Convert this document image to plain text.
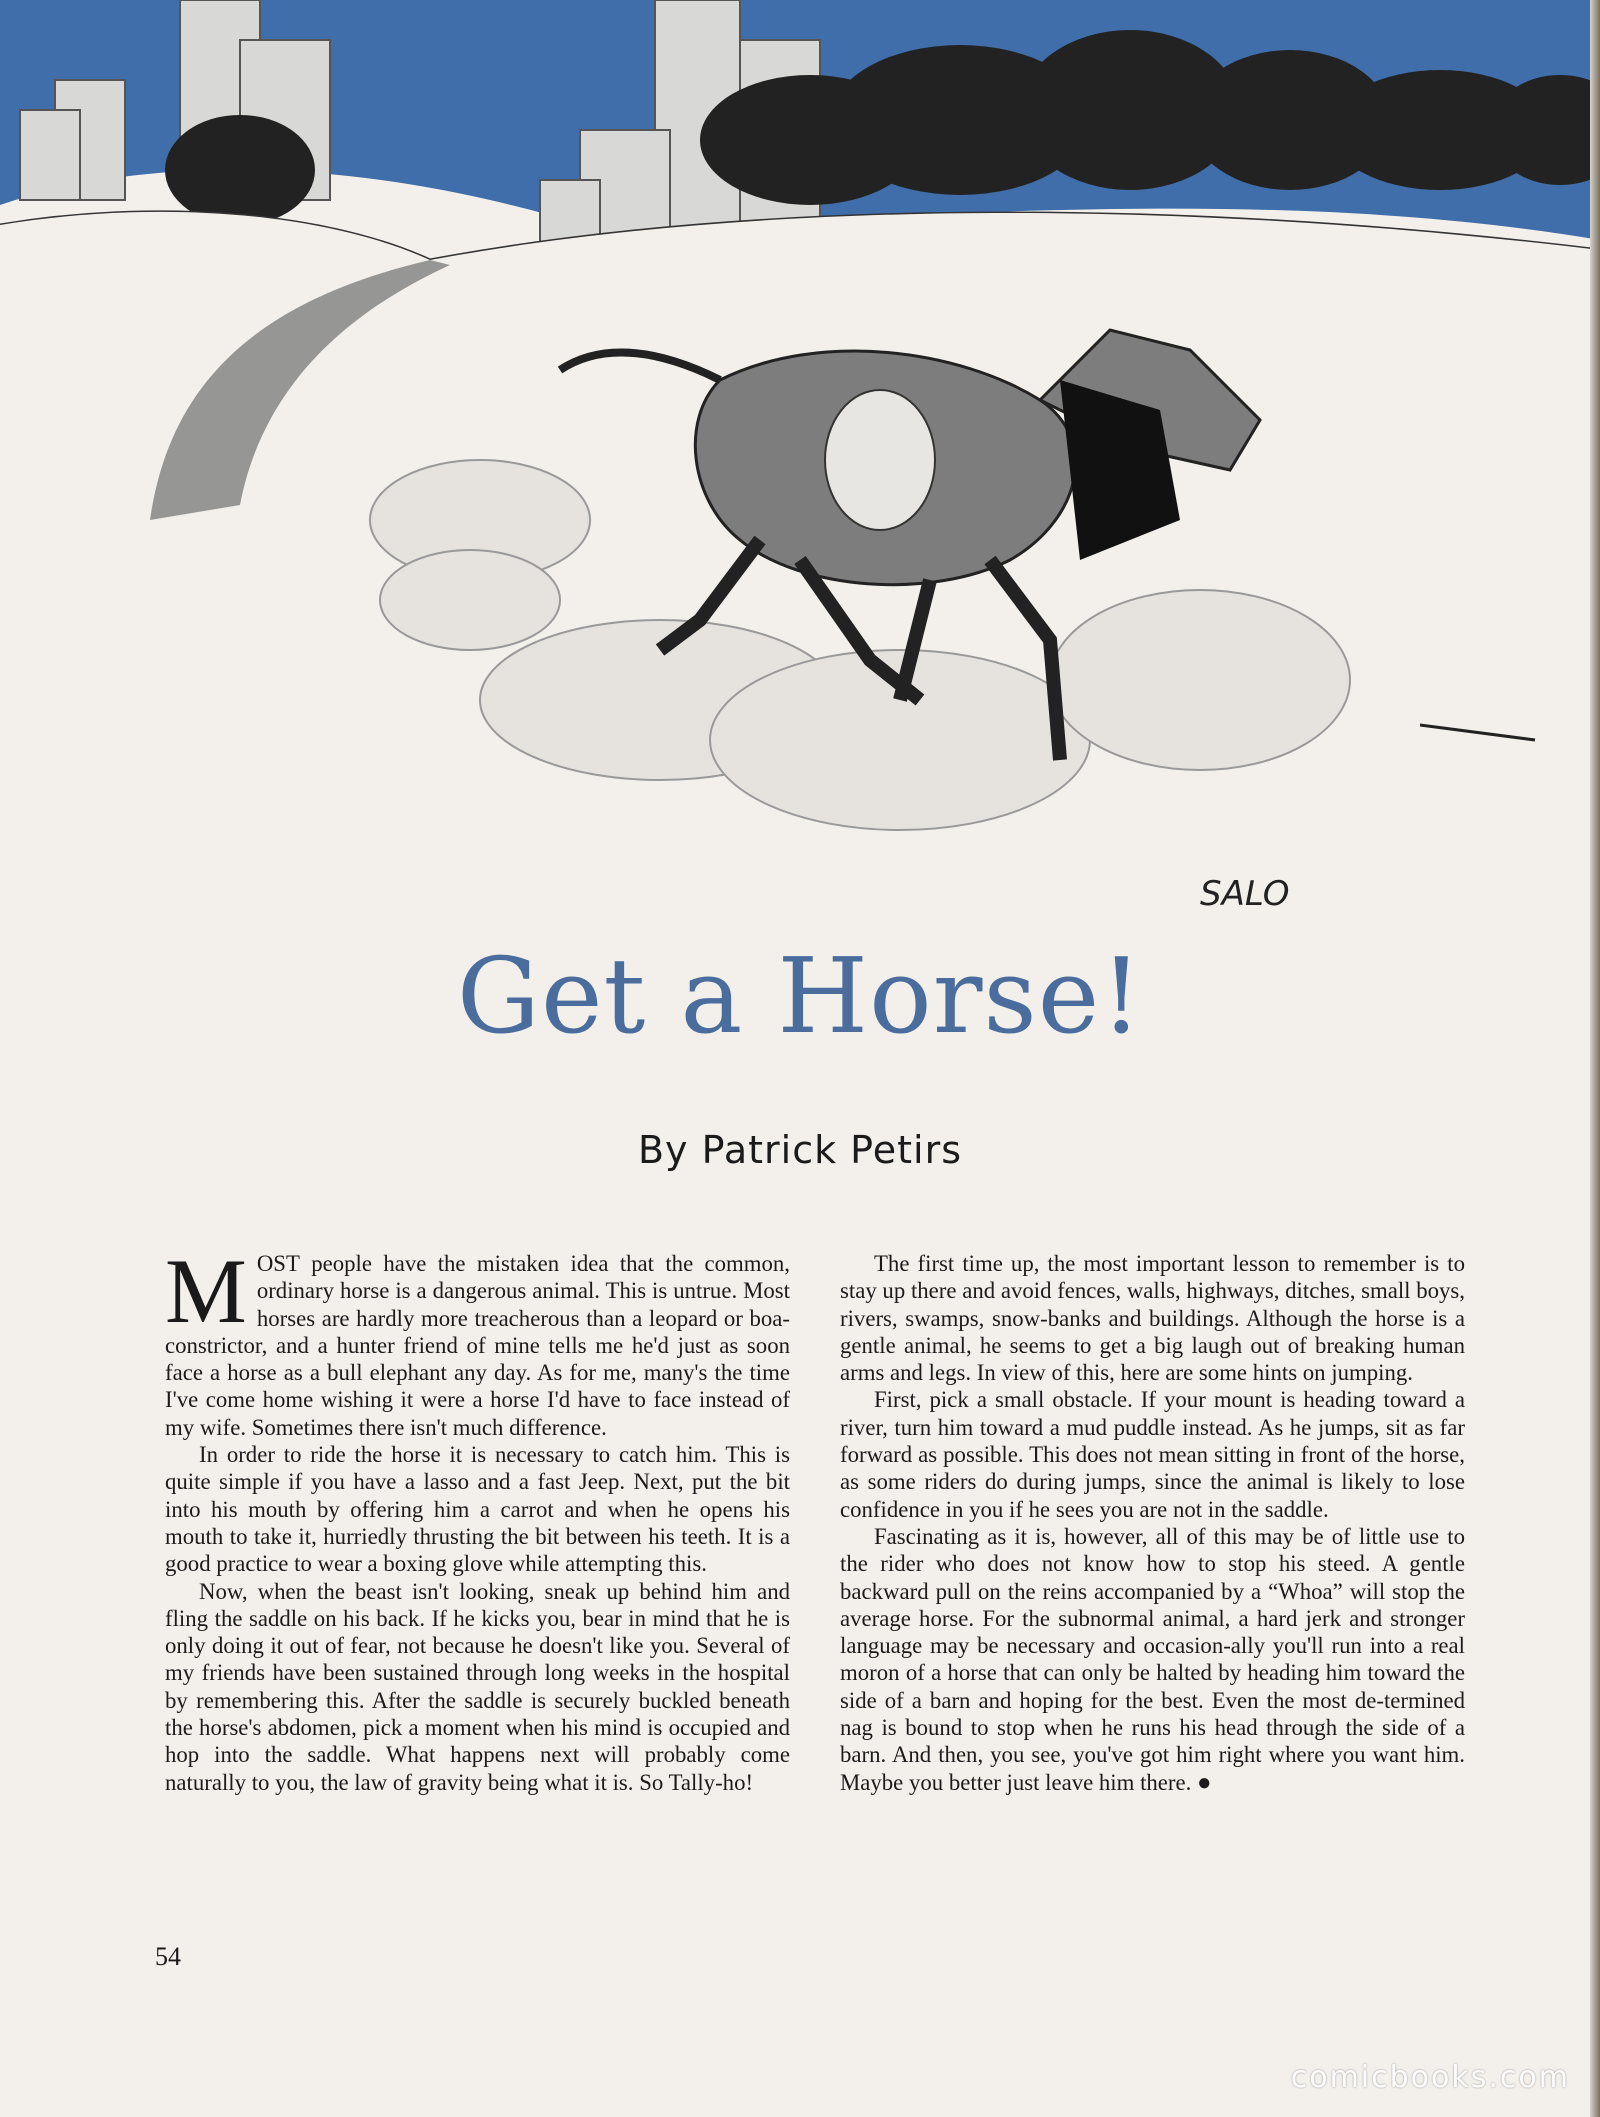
SALO
Get a Horse!
By Patrick Petirs

MOST people have the mistaken idea that the common, ordinary horse is a dangerous animal. This is untrue. Most horses are hardly more treacherous than a leopard or boa-constrictor, and a hunter friend of mine tells me he'd just as soon face a horse as a bull elephant any day. As for me, many's the time I've come home wishing it were a horse I'd have to face instead of my wife. Sometimes there isn't much difference.

In order to ride the horse it is necessary to catch him. This is quite simple if you have a lasso and a fast Jeep. Next, put the bit into his mouth by offering him a carrot and when he opens his mouth to take it, hurriedly thrusting the bit between his teeth. It is a good practice to wear a boxing glove while attempting this.

Now, when the beast isn't looking, sneak up behind him and fling the saddle on his back. If he kicks you, bear in mind that he is only doing it out of fear, not because he doesn't like you. Several of my friends have been sustained through long weeks in the hospital by remembering this. After the saddle is securely buckled beneath the horse's abdomen, pick a moment when his mind is occupied and hop into the saddle. What happens next will probably come naturally to you, the law of gravity being what it is. So Tally-ho!

The first time up, the most important lesson to remember is to stay up there and avoid fences, walls, highways, ditches, small boys, rivers, swamps, snow-banks and buildings. Although the horse is a gentle animal, he seems to get a big laugh out of breaking human arms and legs. In view of this, here are some hints on jumping.

First, pick a small obstacle. If your mount is heading toward a river, turn him toward a mud puddle instead. As he jumps, sit as far forward as possible. This does not mean sitting in front of the horse, as some riders do during jumps, since the animal is likely to lose confidence in you if he sees you are not in the saddle.

Fascinating as it is, however, all of this may be of little use to the rider who does not know how to stop his steed. A gentle backward pull on the reins accompanied by a “Whoa” will stop the average horse. For the subnormal animal, a hard jerk and stronger language may be necessary and occasion-ally you'll run into a real moron of a horse that can only be halted by heading him toward the side of a barn and hoping for the best. Even the most de-termined nag is bound to stop when he runs his head through the side of a barn. And then, you see, you've got him right where you want him. Maybe you better just leave him there. ●

54
comicbooks.com
